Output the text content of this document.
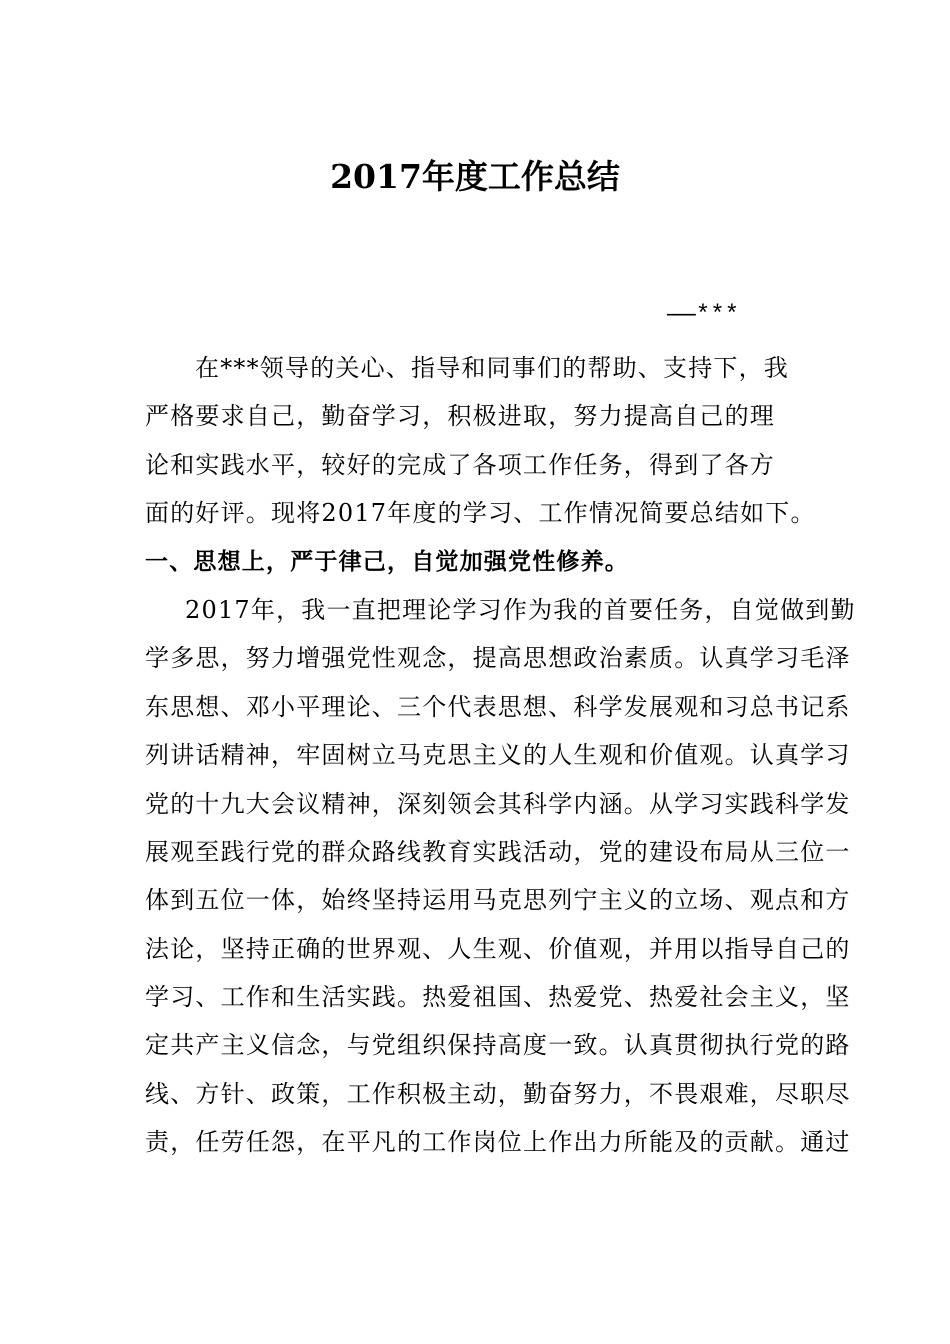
2017年度工作总结
——***
在***领导的关心、指导和同事们的帮助、支持下，我
严格要求自己，勤奋学习，积极进取，努力提高自己的理
论和实践水平，较好的完成了各项工作任务，得到了各方
面的好评。现将2017年度的学习、工作情况简要总结如下。
一、思想上，严于律己，自觉加强党性修养。
2017年，我一直把理论学习作为我的首要任务，自觉做到勤
学多思，努力增强党性观念，提高思想政治素质。认真学习毛泽
东思想、邓小平理论、三个代表思想、科学发展观和习总书记系
列讲话精神，牢固树立马克思主义的人生观和价值观。认真学习
党的十九大会议精神，深刻领会其科学内涵。从学习实践科学发
展观至践行党的群众路线教育实践活动，党的建设布局从三位一
体到五位一体，始终坚持运用马克思列宁主义的立场、观点和方
法论，坚持正确的世界观、人生观、价值观，并用以指导自己的
学习、工作和生活实践。热爱祖国、热爱党、热爱社会主义，坚
定共产主义信念，与党组织保持高度一致。认真贯彻执行党的路
线、方针、政策，工作积极主动，勤奋努力，不畏艰难，尽职尽
责，任劳任怨，在平凡的工作岗位上作出力所能及的贡献。通过
